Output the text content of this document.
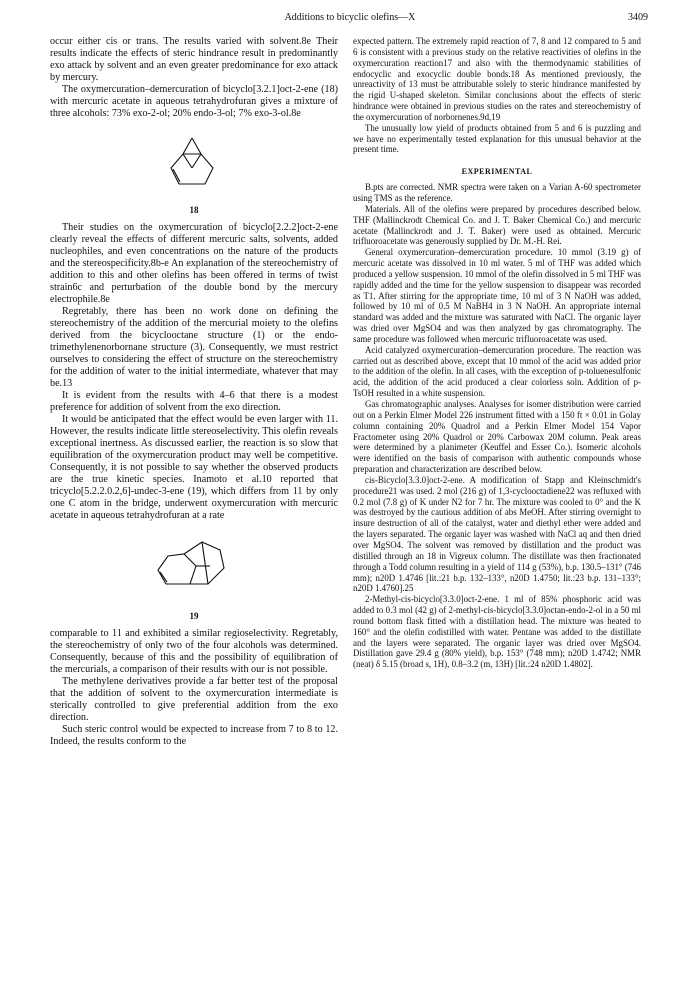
Additions to bicyclic olefins—X	3409

occur either cis or trans. The results varied with solvent.8e Their results indicate the effects of steric hindrance result in predominantly exo attack by solvent and an even greater predominance for exo attack by mercury.

The oxymercuration–demercuration of bicyclo[3.2.1]oct-2-ene (18) with mercuric acetate in aqueous tetrahydrofuran gives a mixture of three alcohols: 73% exo-2-ol; 20% endo-3-ol; 7% exo-3-ol.8e

18

Their studies on the oxymercuration of bicyclo[2.2.2]oct-2-ene clearly reveal the effects of different mercuric salts, solvents, added nucleophiles, and even concentrations on the nature of the products and the stereospecificity.8b-e An explanation of the stereochemistry of addition to this and other olefins has been offered in terms of twist strain6c and perturbation of the double bond by the mercury electrophile.8e

Regretably, there has been no work done on defining the stereochemistry of the addition of the mercurial moiety to the olefins derived from the bicyclooctane structure (1) or the endo-trimethylenenorbornane structure (3). Consequently, we must restrict ourselves to considering the effect of structure on the stereochemistry for the addition of water to the initial intermediate, whatever that may be.13

It is evident from the results with 4–6 that there is a modest preference for addition of solvent from the exo direction.

It would be anticipated that the effect would be even larger with 11. However, the results indicate little stereoselectivity. This olefin reveals exceptional inertness. As discussed earlier, the reaction is so slow that equilibration of the oxymercuration product may well be competitive. Consequently, it is not possible to say whether the observed products are the true kinetic species. Inamoto et al.10 reported that tricyclo[5.2.2.0.2,6]-undec-3-ene (19), which differs from 11 by only one C atom in the bridge, underwent oxymercuration with mercuric acetate in aqueous tetrahydrofuran at a rate

19

comparable to 11 and exhibited a similar regioselectivity. Regretably, the stereochemistry of only two of the four alcohols was determined. Consequently, because of this and the possibility of equilibration of the mercurials, a comparison of their results with our is not possible.

The methylene derivatives provide a far better test of the proposal that the addition of solvent to the oxymercuration intermediate is sterically controlled to give preferential addition from the exo direction.

Such steric control would be expected to increase from 7 to 8 to 12. Indeed, the results conform to the

expected pattern. The extremely rapid reaction of 7, 8 and 12 compared to 5 and 6 is consistent with a previous study on the relative reactivities of olefins in the oxymercuration reaction17 and also with the thermodynamic stabilities of endocyclic and exocyclic double bonds.18 As mentioned previously, the unreactivity of 13 must be attributable solely to steric hindrance manifested by the rigid U-shaped skeleton. Similar conclusions about the effects of steric hindrance were obtained in previous studies on the rates and stereochemistry of the oxymercuration of norbornenes.9d,19

The unusually low yield of products obtained from 5 and 6 is puzzling and we have no experimentally tested explanation for this unusual behavior at the present time.

EXPERIMENTAL

B.pts are corrected. NMR spectra were taken on a Varian A-60 spectrometer using TMS as the reference.

Materials. All of the olefins were prepared by procedures described below. THF (Mallinckrodt Chemical Co. and J. T. Baker Chemical Co.) and mercuric acetate (Mallinckrodt and J. T. Baker) were used as obtained. Mercuric trifluoroacetate was generously supplied by Dr. M.-H. Rei.

General oxymercuration–demercuration procedure. 10 mmol (3.19 g) of mercuric acetate was dissolved in 10 ml water. 5 ml of THF was added which produced a yellow suspension. 10 mmol of the olefin dissolved in 5 ml THF was rapidly added and the time for the yellow suspension to disappear was recorded as T1. After stirring for the appropriate time, 10 ml of 3 N NaOH was added, followed by 10 ml of 0.5 M NaBH4 in 3 N NaOH. An appropriate internal standard was added and the mixture was saturated with NaCl. The organic layer was dried over MgSO4 and was then analyzed by gas chromatography. The same procedure was followed when mercuric trifluoroacetate was used.

Acid catalyzed oxymercuration–demercuration procedure. The reaction was carried out as described above, except that 10 mmol of the acid was added prior to the addition of the olefin. In all cases, with the exception of p-toluenesulfonic acid, the addition of the acid produced a clear colorless soln. Addition of p-TsOH resulted in a white suspension.

Gas chromatographic analyses. Analyses for isomer distribution were carried out on a Perkin Elmer Model 226 instrument fitted with a 150 ft × 0.01 in Golay column containing 20% Quadrol and a Perkin Elmer Model 154 Vapor Fractometer using 20% Quadrol or 20% Carbowax 20M column. Peak areas were determined by a planimeter (Keuffel and Esser Co.). Isomeric alcohols were identified on the basis of comparison with authentic compounds whose preparation and characterization are described below.

cis-Bicyclo[3.3.0]oct-2-ene. A modification of Stapp and Kleinschmidt's procedure21 was used. 2 mol (216 g) of 1,3-cyclooctadiene22 was refluxed with 0.2 mol (7.8 g) of K under N2 for 7 hr. The mixture was cooled to 0° and the K was destroyed by the cautious addition of abs MeOH. After stirring overnight to insure destruction of all of the catalyst, water and diethyl ether were added and the layers separated. The organic layer was washed with NaCl aq and then dried over MgSO4. The solvent was removed by distillation and the product was distilled through an 18 in Vigreux column. The distillate was then fractionated through a Todd column resulting in a yield of 114 g (53%), b.p. 130.5–131° (746 mm); n20D 1.4746 [lit.:21 b.p. 132–133°, n20D 1.4750; lit.:23 b.p. 131–133°; n20D 1.4760].25

2-Methyl-cis-bicyclo[3.3.0]oct-2-ene. 1 ml of 85% phosphoric acid was added to 0.3 mol (42 g) of 2-methyl-cis-bicyclo[3.3.0]octan-endo-2-ol in a 50 ml round bottom flask fitted with a distillation head. The mixture was heated to 160° and the olefin codistilled with water. Pentane was added to the distillate and the layers were separated. The organic layer was dried over MgSO4. Distillation gave 29.4 g (80% yield), b.p. 153° (748 mm); n20D 1.4742; NMR (neat) δ 5.15 (broad s, 1H), 0.8–3.2 (m, 13H) [lit.:24 n20D 1.4802].
